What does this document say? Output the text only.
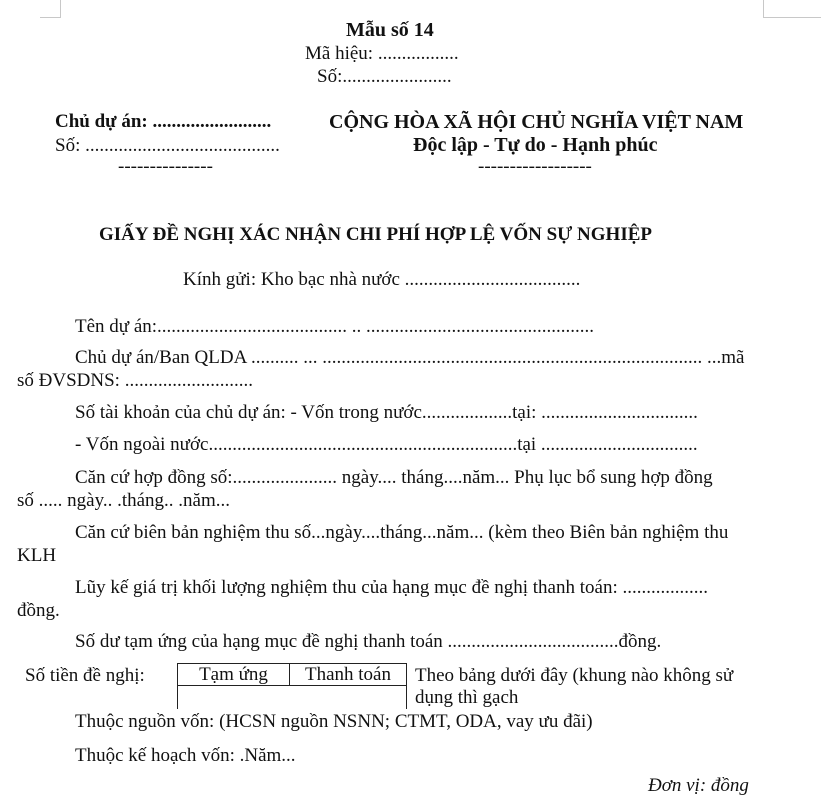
Mẫu số 14
Mã hiệu: .................
Số:.......................
Chủ dự án: .........................
Số: .........................................
---------------
CỘNG HÒA XÃ HỘI CHỦ NGHĨA VIỆT NAM
Độc lập - Tự do - Hạnh phúc
------------------
GIẤY ĐỀ NGHỊ XÁC NHẬN CHI PHÍ HỢP LỆ VỐN SỰ NGHIỆP
Kính gửi: Kho bạc nhà nước .....................................
Tên dự án:........................................ .. ................................................
Chủ dự án/Ban QLDA .......... ... ................................................................................ ...mã
số ĐVSDNS: ...........................
Số tài khoản của chủ dự án: - Vốn trong nước...................tại: .................................
- Vốn ngoài nước.................................................................tại .................................
Căn cứ hợp đồng số:...................... ngày.... tháng....năm... Phụ lục bổ sung hợp đồng
số ..... ngày.. .tháng.. .năm...
Căn cứ biên bản nghiệm thu số...ngày....tháng...năm... (kèm theo Biên bản nghiệm thu
KLH
Lũy kế giá trị khối lượng nghiệm thu của hạng mục đề nghị thanh toán: ..................
đồng.
Số dư tạm ứng của hạng mục đề nghị thanh toán ....................................đồng.
Số tiền đề nghị:	Tạm ứng	Thanh toán	Theo bảng dưới đây (khung nào không sử
dụng thì gạch
Thuộc nguồn vốn: (HCSN nguồn NSNN; CTMT, ODA, vay ưu đãi)
Thuộc kế hoạch vốn: .Năm...
Đơn vị: đồng
